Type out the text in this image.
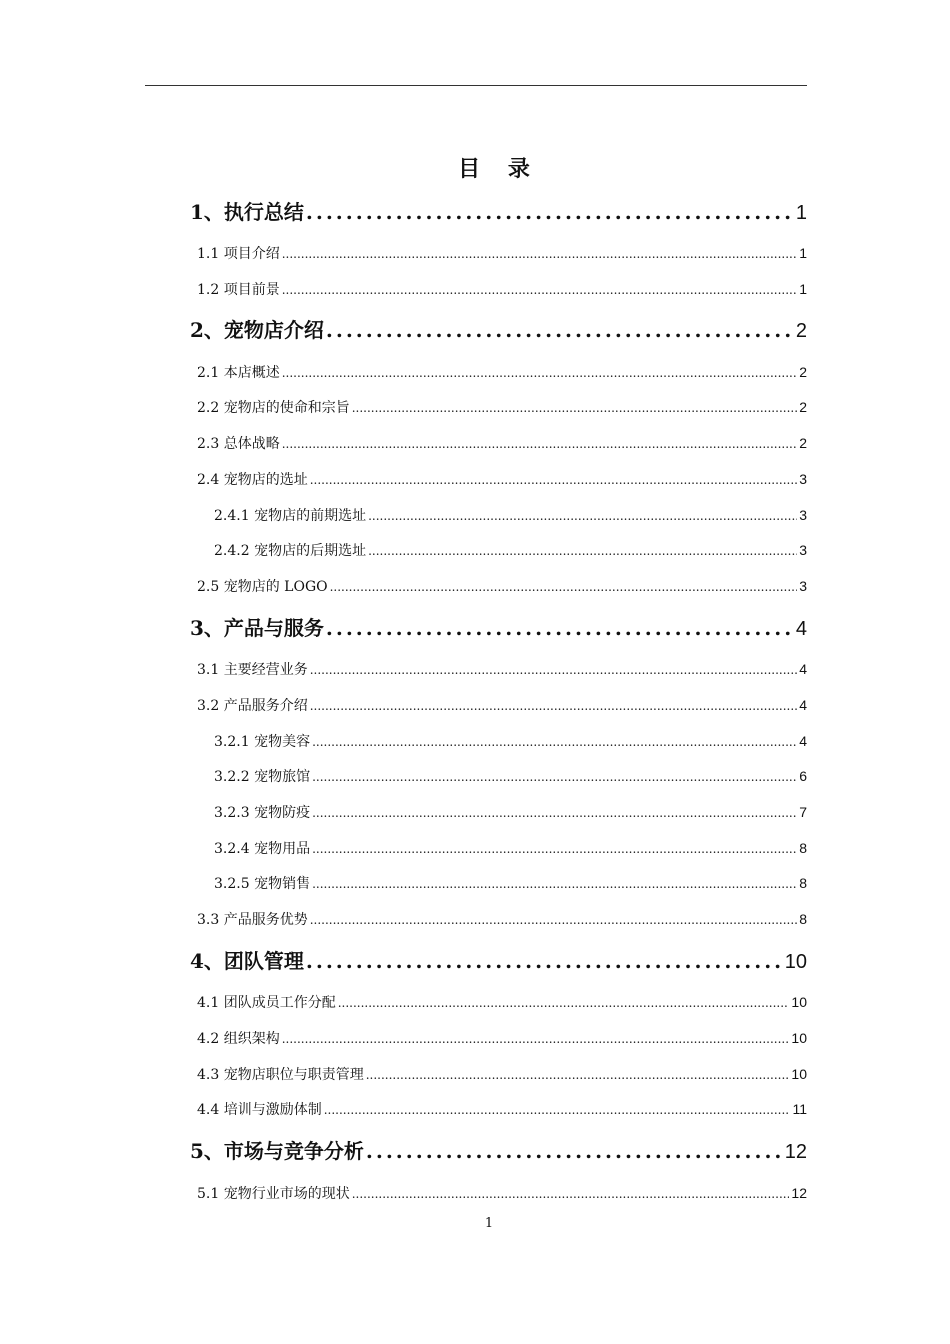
目 录
1、执行总结 .....	1
1.1 项目介绍 .....	1
1.2 项目前景 .....	1
2、宠物店介绍 .....	2
2.1 本店概述 .....	2
2.2 宠物店的使命和宗旨 .....	2
2.3 总体战略 .....	2
2.4 宠物店的选址 .....	3
2.4.1 宠物店的前期选址 .....	3
2.4.2 宠物店的后期选址 .....	3
2.5 宠物店的 LOGO .....	3
3、产品与服务 .....	4
3.1 主要经营业务 .....	4
3.2 产品服务介绍 .....	4
3.2.1 宠物美容 .....	4
3.2.2 宠物旅馆 .....	6
3.2.3 宠物防疫 .....	7
3.2.4 宠物用品 .....	8
3.2.5 宠物销售 .....	8
3.3 产品服务优势 .....	8
4、团队管理 .....	10
4.1 团队成员工作分配 .....	10
4.2 组织架构 .....	10
4.3 宠物店职位与职责管理 .....	10
4.4 培训与激励体制 .....	11
5、市场与竞争分析 .....	12
5.1 宠物行业市场的现状 .....	12
1
